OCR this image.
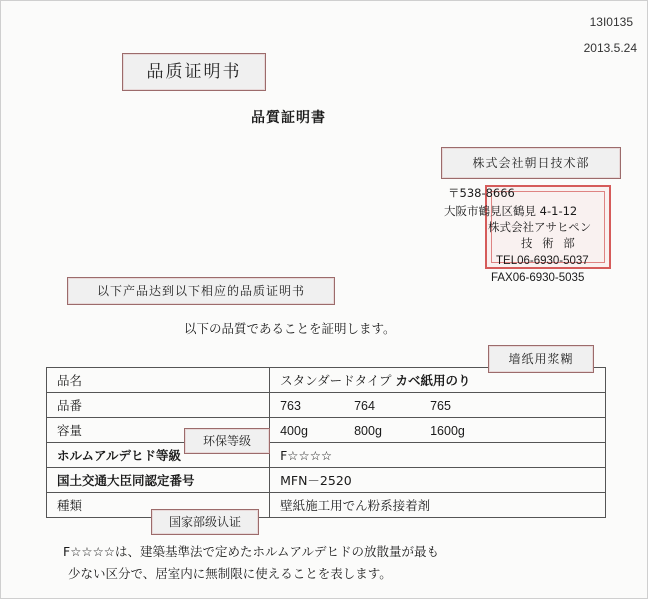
13I0135
2013.5.24
品质证明书
品質証明書
株式会社朝日技术部
〒538-8666
大阪市鶴見区鶴見 4-1-12
株式会社アサヒペン
技 術 部
TEL06-6930-5037
FAX06-6930-5035
以下产品达到以下相应的品质证明书
以下の品質であることを証明します。
品名	スタンダードタイプ カベ紙用のり
品番	763 764 765
容量	400g 800g 1600g
ホルムアルデヒド等級	F☆☆☆☆
国土交通大臣同認定番号	MFN－2520
種類	壁紙施工用でん粉系接着剤
墙纸用浆糊
环保等级
国家部级认证
F☆☆☆☆は、建築基準法で定めたホルムアルデヒドの放散量が最も
少ない区分で、居室内に無制限に使えることを表します。
